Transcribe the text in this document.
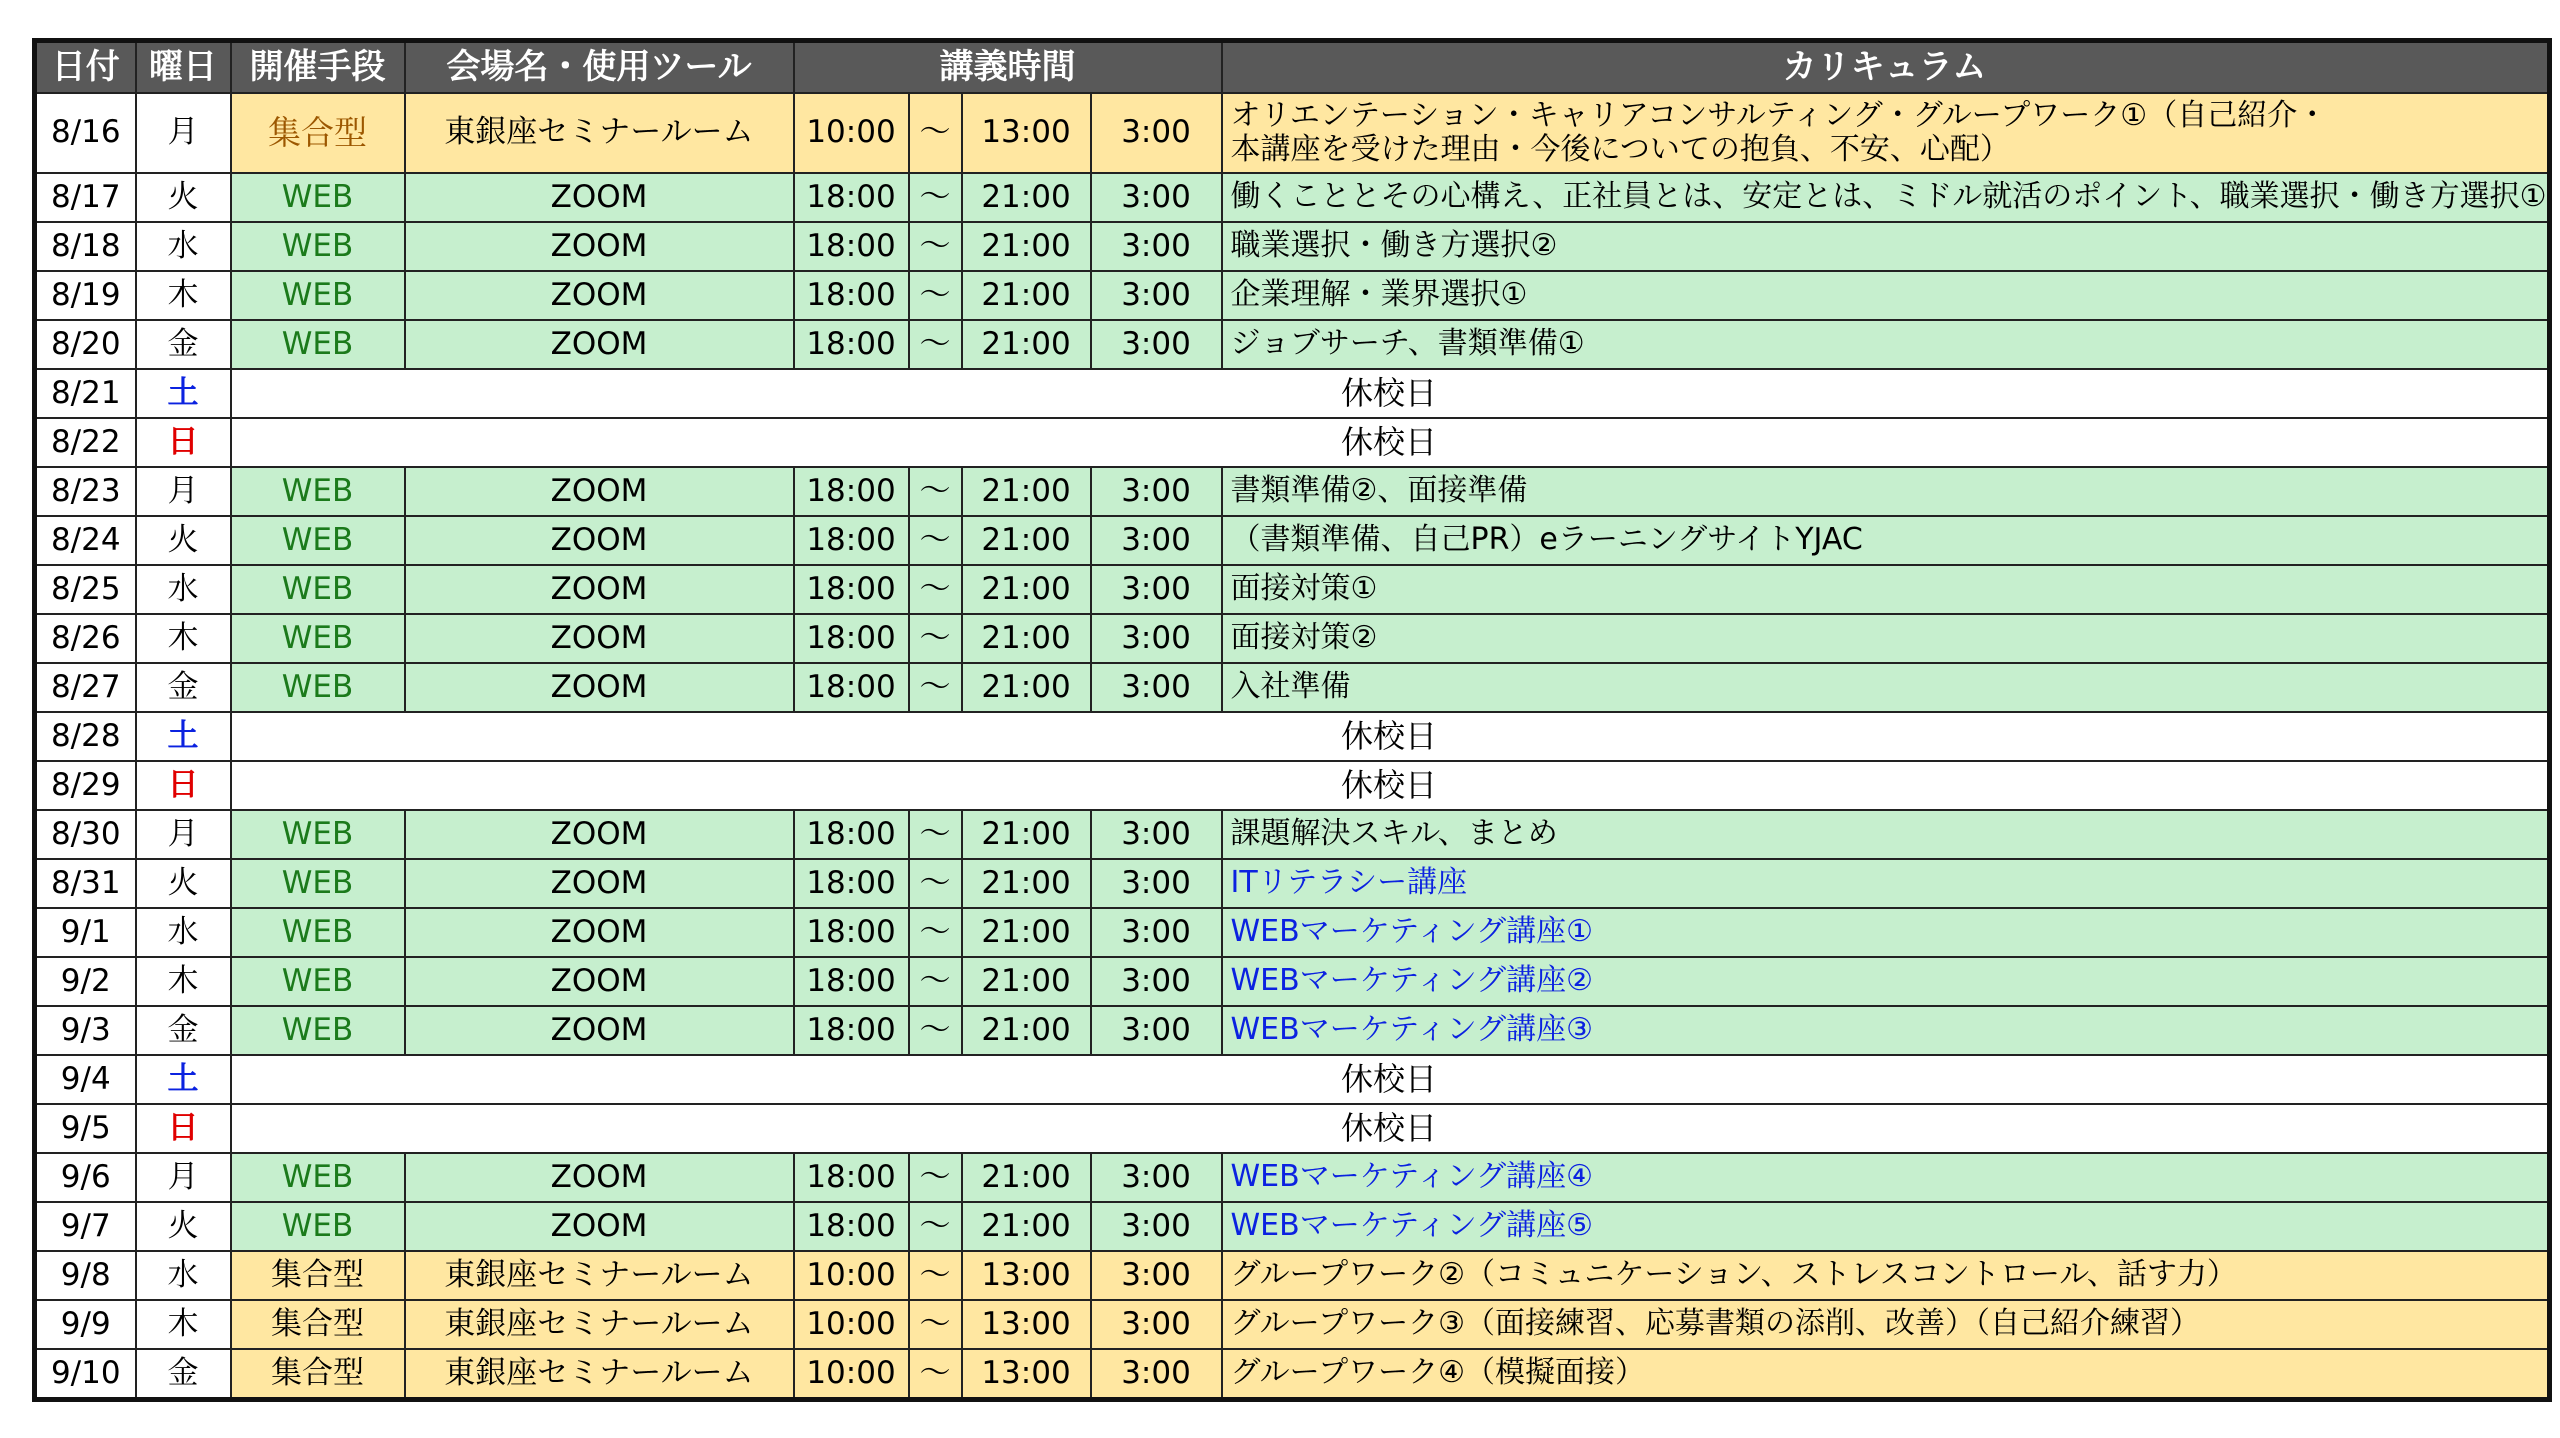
日付	曜日	開催手段	会場名・使用ツール	講義時間				カリキュラム
8/16	月	集合型	東銀座セミナールーム	10:00	～	13:00	3:00	オリエンテーション・キャリアコンサルティング・グループワーク①（自己紹介・
本講座を受けた理由・今後についての抱負、不安、心配）

8/17	火	WEB	ZOOM	18:00	～	21:00	3:00	働くこととその心構え、正社員とは、安定とは、ミドル就活のポイント、職業選択・働き方選択①
8/18	水	WEB	ZOOM	18:00	～	21:00	3:00	職業選択・働き方選択②
8/19	木	WEB	ZOOM	18:00	～	21:00	3:00	企業理解・業界選択①
8/20	金	WEB	ZOOM	18:00	～	21:00	3:00	ジョブサーチ、書類準備①
8/21	土	休校日						
8/22	日	休校日						
8/23	月	WEB	ZOOM	18:00	～	21:00	3:00	書類準備②、面接準備
8/24	火	WEB	ZOOM	18:00	～	21:00	3:00	（書類準備、自己PR）eラーニングサイトYJAC
8/25	水	WEB	ZOOM	18:00	～	21:00	3:00	面接対策①
8/26	木	WEB	ZOOM	18:00	～	21:00	3:00	面接対策②
8/27	金	WEB	ZOOM	18:00	～	21:00	3:00	入社準備
8/28	土	休校日						
8/29	日	休校日						
8/30	月	WEB	ZOOM	18:00	～	21:00	3:00	課題解決スキル、まとめ
8/31	火	WEB	ZOOM	18:00	～	21:00	3:00	ITリテラシー講座
9/1	水	WEB	ZOOM	18:00	～	21:00	3:00	WEBマーケティング講座①
9/2	木	WEB	ZOOM	18:00	～	21:00	3:00	WEBマーケティング講座②
9/3	金	WEB	ZOOM	18:00	～	21:00	3:00	WEBマーケティング講座③
9/4	土	休校日						
9/5	日	休校日						
9/6	月	WEB	ZOOM	18:00	～	21:00	3:00	WEBマーケティング講座④
9/7	火	WEB	ZOOM	18:00	～	21:00	3:00	WEBマーケティング講座⑤
9/8	水	集合型	東銀座セミナールーム	10:00	～	13:00	3:00	グループワーク②（コミュニケーション、ストレスコントロール、話す力）
9/9	木	集合型	東銀座セミナールーム	10:00	～	13:00	3:00	グループワーク③（面接練習、応募書類の添削、改善）（自己紹介練習）
9/10	金	集合型	東銀座セミナールーム	10:00	～	13:00	3:00	グループワーク④（模擬面接）
